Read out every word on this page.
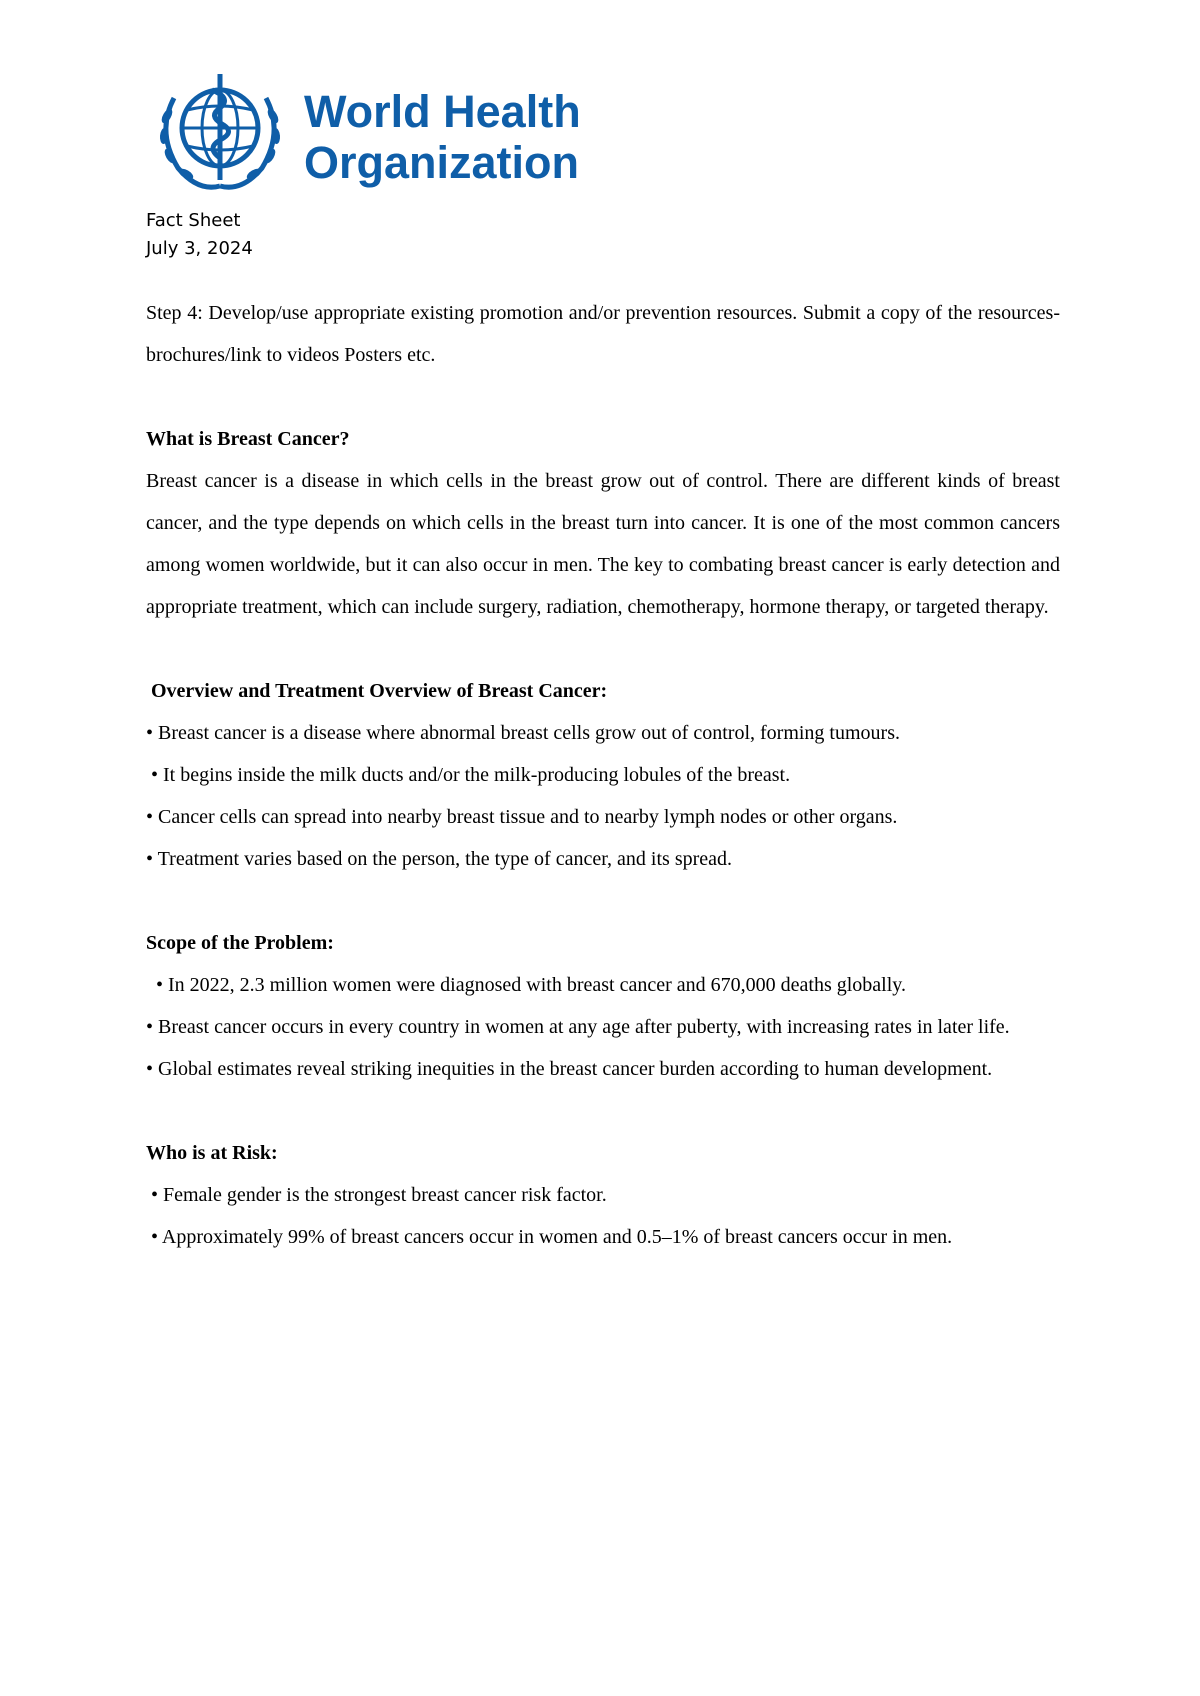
World Health
Organization
Fact Sheet
July 3, 2024

Step 4: Develop/use appropriate existing promotion and/or prevention resources. Submit a copy of the resources- brochures/link to videos Posters etc.

What is Breast Cancer?

Breast cancer is a disease in which cells in the breast grow out of control. There are different kinds of breast cancer, and the type depends on which cells in the breast turn into cancer. It is one of the most common cancers among women worldwide, but it can also occur in men. The key to combating breast cancer is early detection and appropriate treatment, which can include surgery, radiation, chemotherapy, hormone therapy, or targeted therapy.

Overview and Treatment Overview of Breast Cancer:
• Breast cancer is a disease where abnormal breast cells grow out of control, forming tumours.
• It begins inside the milk ducts and/or the milk-producing lobules of the breast.
• Cancer cells can spread into nearby breast tissue and to nearby lymph nodes or other organs.
• Treatment varies based on the person, the type of cancer, and its spread.
Scope of the Problem:
• In 2022, 2.3 million women were diagnosed with breast cancer and 670,000 deaths globally.
• Breast cancer occurs in every country in women at any age after puberty, with increasing rates in later life.
• Global estimates reveal striking inequities in the breast cancer burden according to human development.
Who is at Risk:
• Female gender is the strongest breast cancer risk factor.
• Approximately 99% of breast cancers occur in women and 0.5–1% of breast cancers occur in men.
